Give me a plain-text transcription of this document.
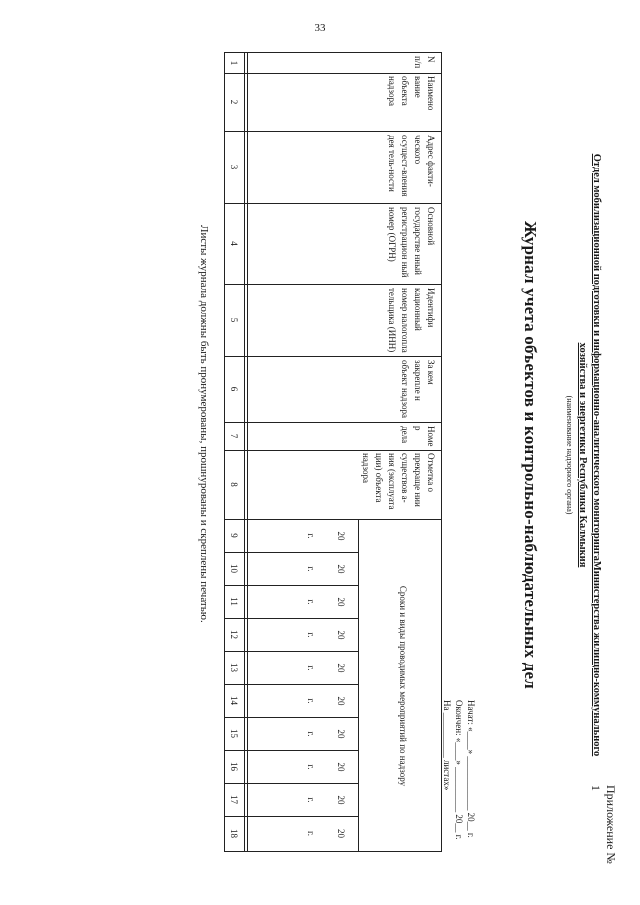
33
Приложение № 1
Отдел мобилизационной подготовки и информационно-аналитического мониторингаМинистерства жилищно-коммунального
хозяйства и энергетики Республики Калмыкия
(наименование надзорного органа)
Журнал учета объектов и контрольно-наблюдательных дел
Начат: «____» ____________ 20__ г.
Окончен: «____» __________ 20__ г.
На __________ листах»
N п/п
Наимено вание объекта надзора
Адрес факти-ческого осущест-вления дея тель-ности
Основной государстве нный регистрацион ный номер (ОГРН)
Идентифи кационный номер налогопла тельщика (ИНН)
За кем закрепле н объект надзора
Номе р дела
Отметка о прекраще нии существов а-ния (эксплуата ции) объекта надзора
Сроки и виды проводимых мероприятий по надзору
20
г.
20
г.
20
г.
20
г.
20
г.
20
г.
20
г.
20
г.
20
г.
20
г.
1
2
3
4
5
6
7
8
9
10
11
12
13
14
15
16
17
18
Листы журнала должны быть пронумерованы, прошнурованы и скреплены печатью.
